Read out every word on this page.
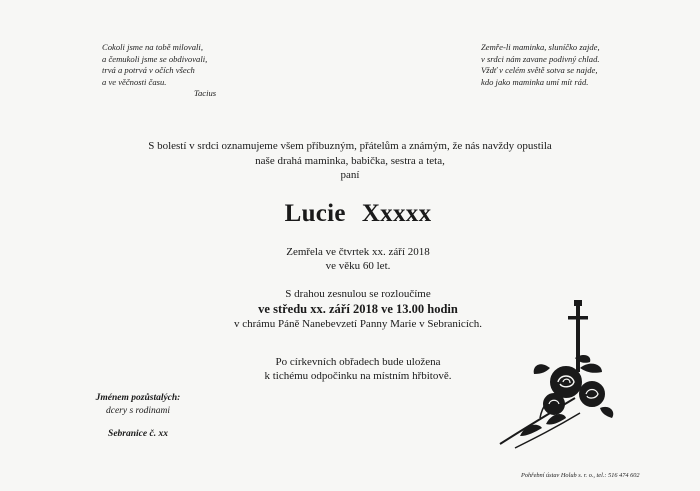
Cokoli jsme na tobě milovali,
a čemukoli jsme se obdivovali,
trvá a potrvá v očích všech
a ve věčnosti času.
Tacius
Zemře-li maminka, sluníčko zajde,
v srdci nám zavane podivný chlad.
Vždť v celém světě sotva se najde,
kdo jako maminka umí mít rád.
S bolestí v srdci oznamujeme všem příbuzným, přátelům a známým, že nás navždy opustila
naše drahá maminka, babička, sestra a teta,
paní
Lucie Xxxxx
Zemřela ve čtvrtek xx. září 2018
ve věku 60 let.
S drahou zesnulou se rozloučíme
ve středu xx. září 2018 ve 13.00 hodin
v chrámu Páně Nanebevzetí Panny Marie v Sebranicích.
Po církevních obřadech bude uložena
k tichému odpočinku na místním hřbitově.
Jménem pozůstalých:
dcery s rodinami
Sebranice č. xx
Pohřební ústav Holub s. r. o., tel.: 516 474 602
